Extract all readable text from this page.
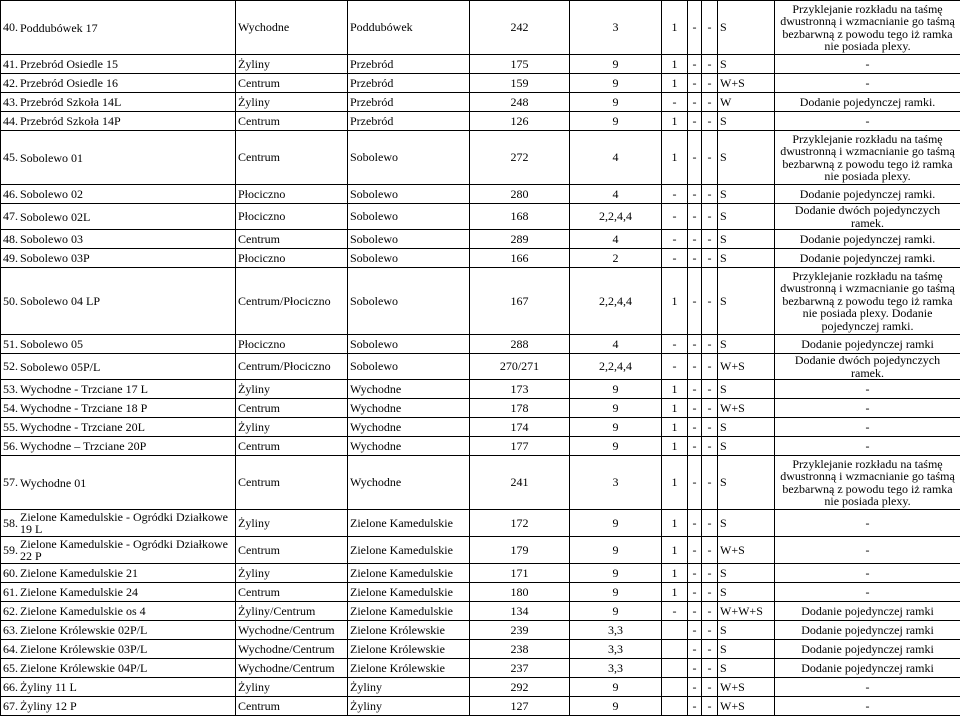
40. Poddubówek 17	Wychodne	Poddubówek	242	3	1	-	-	S	Przyklejanie rozkładu na taśmę dwustronną i wzmacnianie go taśmą bezbarwną z powodu tego iż ramka nie posiada plexy.

41. Przebród Osiedle 15	Żyliny	Przebród	175	9	1	-	-	S	-

42. Przebród Osiedle 16	Centrum	Przebród	159	9	1	-	-	W+S	-

43. Przebród Szkoła 14L	Żyliny	Przebród	248	9	-	-	-	W	Dodanie pojedynczej ramki.

44. Przebród Szkoła 14P	Centrum	Przebród	126	9	1	-	-	S	-

45. Sobolewo 01	Centrum	Sobolewo	272	4	1	-	-	S	Przyklejanie rozkładu na taśmę dwustronną i wzmacnianie go taśmą bezbarwną z powodu tego iż ramka nie posiada plexy.

46. Sobolewo 02	Płociczno	Sobolewo	280	4	-	-	-	S	Dodanie pojedynczej ramki.

47. Sobolewo 02L	Płociczno	Sobolewo	168	2,2,4,4	-	-	-	S	Dodanie dwóch pojedynczych ramek.

48. Sobolewo 03	Centrum	Sobolewo	289	4	-	-	-	S	Dodanie pojedynczej ramki.

49. Sobolewo 03P	Płociczno	Sobolewo	166	2	-	-	-	S	Dodanie pojedynczej ramki.

50. Sobolewo 04 LP	Centrum/Płociczno	Sobolewo	167	2,2,4,4	1	-	-	S	Przyklejanie rozkładu na taśmę dwustronną i wzmacnianie go taśmą bezbarwną z powodu tego iż ramka nie posiada plexy. Dodanie pojedynczej ramki.

51. Sobolewo 05	Płociczno	Sobolewo	288	4	-	-	-	S	Dodanie pojedynczej ramki

52. Sobolewo 05P/L	Centrum/Płociczno	Sobolewo	270/271	2,2,4,4	-	-	-	W+S	Dodanie dwóch pojedynczych ramek.

53. Wychodne - Trzciane 17 L	Żyliny	Wychodne	173	9	1	-	-	S	-

54. Wychodne - Trzciane 18 P	Centrum	Wychodne	178	9	1	-	-	W+S	-

55. Wychodne - Trzciane 20L	Żyliny	Wychodne	174	9	1	-	-	S	-

56. Wychodne – Trzciane 20P	Centrum	Wychodne	177	9	1	-	-	S	-

57. Wychodne 01	Centrum	Wychodne	241	3	1	-	-	S	Przyklejanie rozkładu na taśmę dwustronną i wzmacnianie go taśmą bezbarwną z powodu tego iż ramka nie posiada plexy.

58. Zielone Kamedulskie - Ogródki Działkowe 19 L	Żyliny	Zielone Kamedulskie	172	9	1	-	-	S	-

59. Zielone Kamedulskie - Ogródki Działkowe 22 P	Centrum	Zielone Kamedulskie	179	9	1	-	-	W+S	-

60. Zielone Kamedulskie 21	Żyliny	Zielone Kamedulskie	171	9	1	-	-	S	-

61. Zielone Kamedulskie 24	Centrum	Zielone Kamedulskie	180	9	1	-	-	S	-

62. Zielone Kamedulskie os 4	Żyliny/Centrum	Zielone Kamedulskie	134	9	-	-	-	W+W+S	Dodanie pojedynczej ramki

63. Zielone Królewskie 02P/L	Wychodne/Centrum	Zielone Królewskie	239	3,3		-	-	S	Dodanie pojedynczej ramki

64. Zielone Królewskie 03P/L	Wychodne/Centrum	Zielone Królewskie	238	3,3		-	-	S	Dodanie pojedynczej ramki

65. Zielone Królewskie 04P/L	Wychodne/Centrum	Zielone Królewskie	237	3,3		-	-	S	Dodanie pojedynczej ramki

66. Żyliny 11 L	Żyliny	Żyliny	292	9		-	-	W+S	-

67. Żyliny 12 P	Centrum	Żyliny	127	9		-	-	W+S	-
